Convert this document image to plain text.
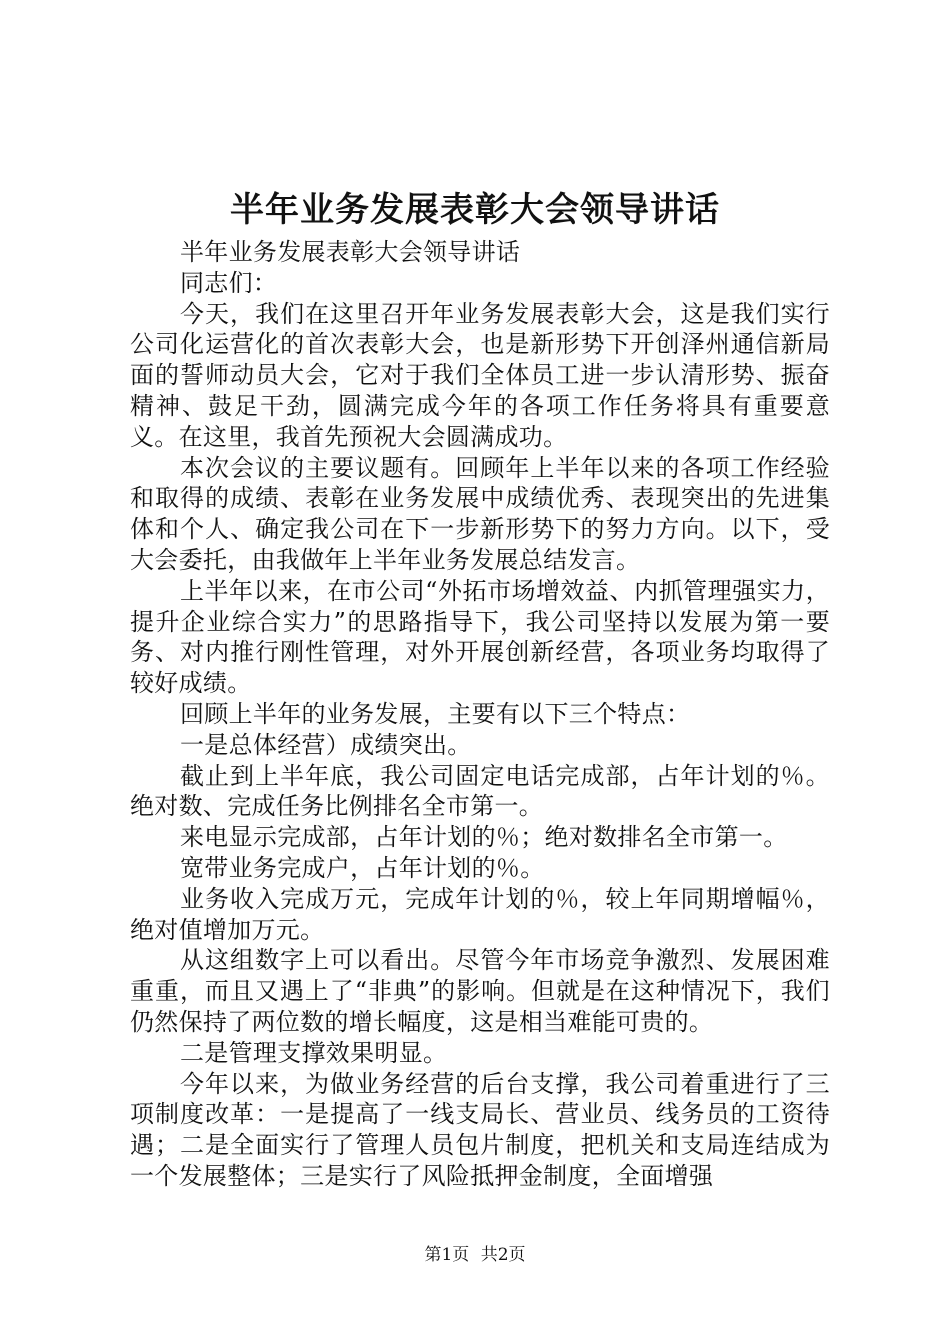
半年业务发展表彰大会领导讲话

半年业务发展表彰大会领导讲话

同志们：

今天，我们在这里召开年业务发展表彰大会，这是我们实行公司化运营化的首次表彰大会，也是新形势下开创泽州通信新局面的誓师动员大会，它对于我们全体员工进一步认清形势、振奋精神、鼓足干劲，圆满完成今年的各项工作任务将具有重要意义。在这里，我首先预祝大会圆满成功。

本次会议的主要议题有。回顾年上半年以来的各项工作经验和取得的成绩、表彰在业务发展中成绩优秀、表现突出的先进集体和个人、确定我公司在下一步新形势下的努力方向。以下，受大会委托，由我做年上半年业务发展总结发言。

上半年以来，在市公司“外拓市场增效益、内抓管理强实力，提升企业综合实力”的思路指导下，我公司坚持以发展为第一要务、对内推行刚性管理，对外开展创新经营，各项业务均取得了较好成绩。

回顾上半年的业务发展，主要有以下三个特点：

一是总体经营）成绩突出。

截止到上半年底，我公司固定电话完成部，占年计划的％。绝对数、完成任务比例排名全市第一。

来电显示完成部，占年计划的％；绝对数排名全市第一。

宽带业务完成户，占年计划的％。

业务收入完成万元，完成年计划的％，较上年同期增幅％，绝对值增加万元。

从这组数字上可以看出。尽管今年市场竞争激烈、发展困难重重，而且又遇上了“非典”的影响。但就是在这种情况下，我们仍然保持了两位数的增长幅度，这是相当难能可贵的。

二是管理支撑效果明显。

今年以来，为做业务经营的后台支撑，我公司着重进行了三项制度改革：一是提高了一线支局长、营业员、线务员的工资待遇；二是全面实行了管理人员包片制度，把机关和支局连结成为一个发展整体；三是实行了风险抵押金制度，全面增强

第1页 共2页
